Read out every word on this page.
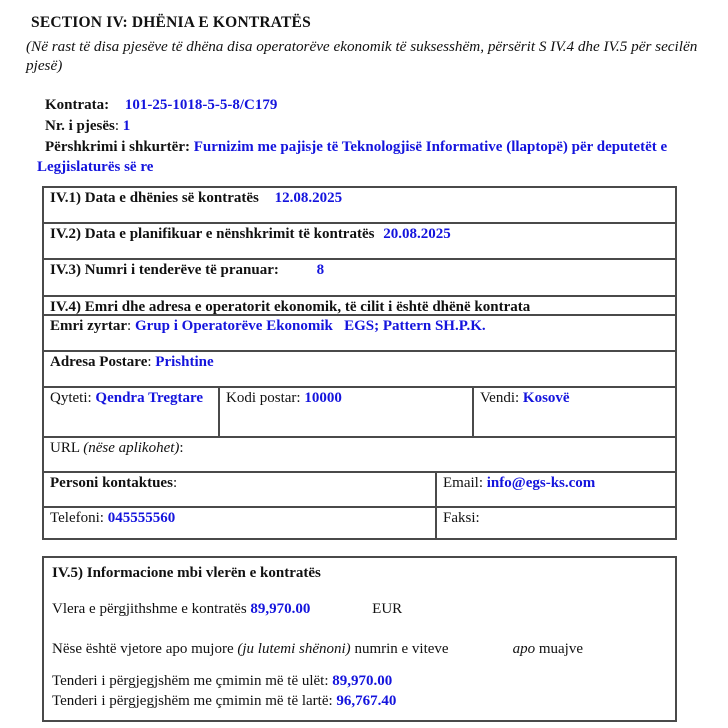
SECTION IV: DHËNIA E KONTRATËS
(Në rast të disa pjesëve të dhëna disa operatorëve ekonomik të suksesshëm, përsërit S IV.4 dhe IV.5 për secilën pjesë)

Kontrata: 101-25-1018-5-5-8/C179

Nr. i pjesës: 1

Përshkrimi i shkurtër: Furnizim me pajisje të Teknologjisë Informative (llaptopë) për deputetët e Legjislaturës së re

IV.1) Data e dhënies së kontratës 12.08.2025
IV.2) Data e planifikuar e nënshkrimit të kontratës 20.08.2025
IV.3) Numri i tenderëve të pranuar:	8
IV.4) Emri dhe adresa e operatorit ekonomik, të cilit i është dhënë kontrata
Emri zyrtar: Grup i Operatorëve Ekonomik   EGS; Pattern SH.P.K.
Adresa Postare: Prishtine
Qyteti: Qendra Tregtare	Kodi postar: 10000	Vendi: Kosovë
URL (nëse aplikohet):
Personi kontaktues:	Email: info@egs-ks.com
Telefoni: 045555560	Faksi:

IV.5) Informacione mbi vlerën e kontratës

Vlera e përgjithshme e kontratës 89,970.00	EUR

Nëse është vjetore apo mujore (ju lutemi shënoni) numrin e viteve	apo muajve

Tenderi i përgjegjshëm me çmimin më të ulët: 89,970.00

Tenderi i përgjegjshëm me çmimin më të lartë: 96,767.40
